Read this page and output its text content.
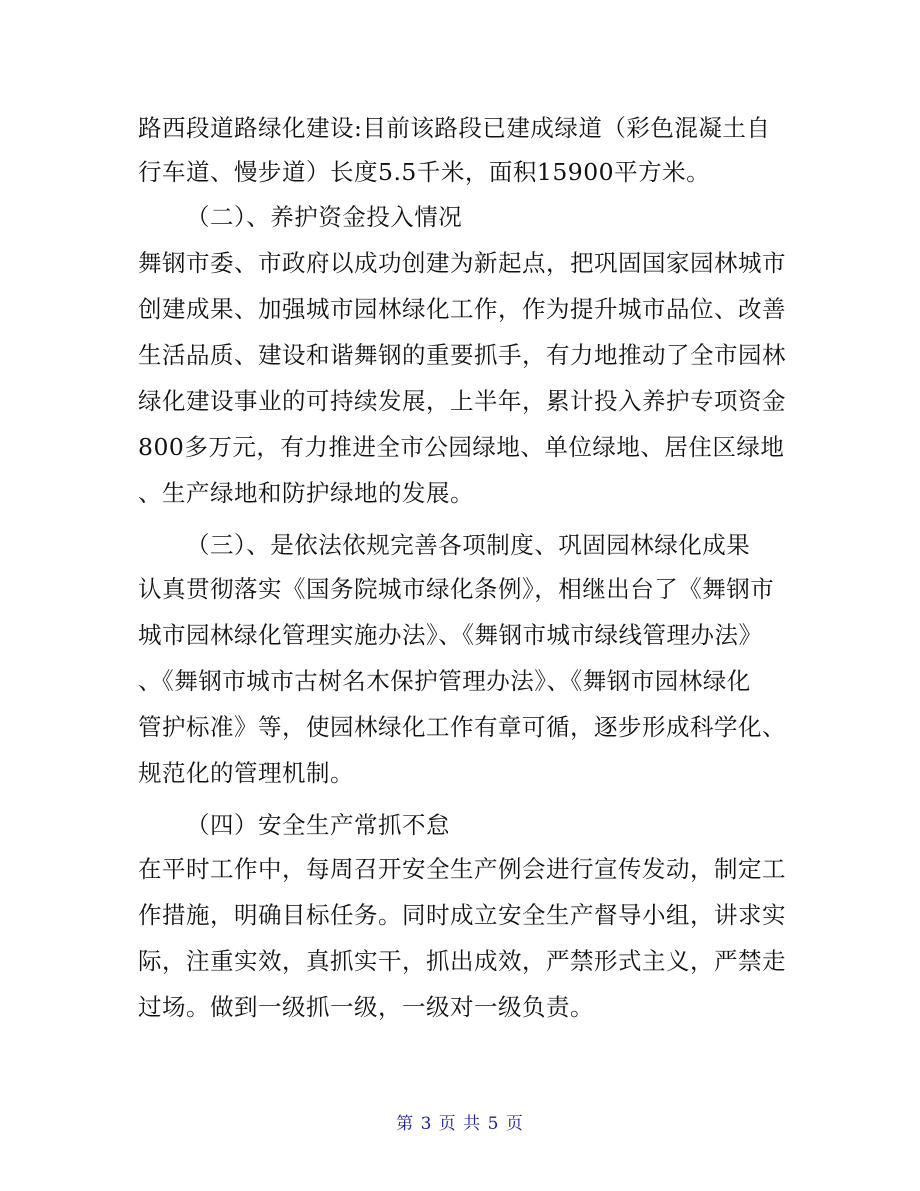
路西段道路绿化建设:目前该路段已建成绿道（彩色混凝土自
行车道、慢步道）长度5.5千米，面积15900平方米。
（二）、养护资金投入情况
舞钢市委、市政府以成功创建为新起点，把巩固国家园林城市
创建成果、加强城市园林绿化工作，作为提升城市品位、改善
生活品质、建设和谐舞钢的重要抓手，有力地推动了全市园林
绿化建设事业的可持续发展，上半年，累计投入养护专项资金
800多万元，有力推进全市公园绿地、单位绿地、居住区绿地
、生产绿地和防护绿地的发展。
（三）、是依法依规完善各项制度、巩固园林绿化成果
认真贯彻落实《国务院城市绿化条例》，相继出台了《舞钢市
城市园林绿化管理实施办法》、《舞钢市城市绿线管理办法》
、《舞钢市城市古树名木保护管理办法》、《舞钢市园林绿化
管护标准》等，使园林绿化工作有章可循，逐步形成科学化、
规范化的管理机制。
（四）安全生产常抓不怠
在平时工作中，每周召开安全生产例会进行宣传发动，制定工
作措施，明确目标任务。同时成立安全生产督导小组，讲求实
际，注重实效，真抓实干，抓出成效，严禁形式主义，严禁走
过场。做到一级抓一级，一级对一级负责。
第 3 页 共 5 页
